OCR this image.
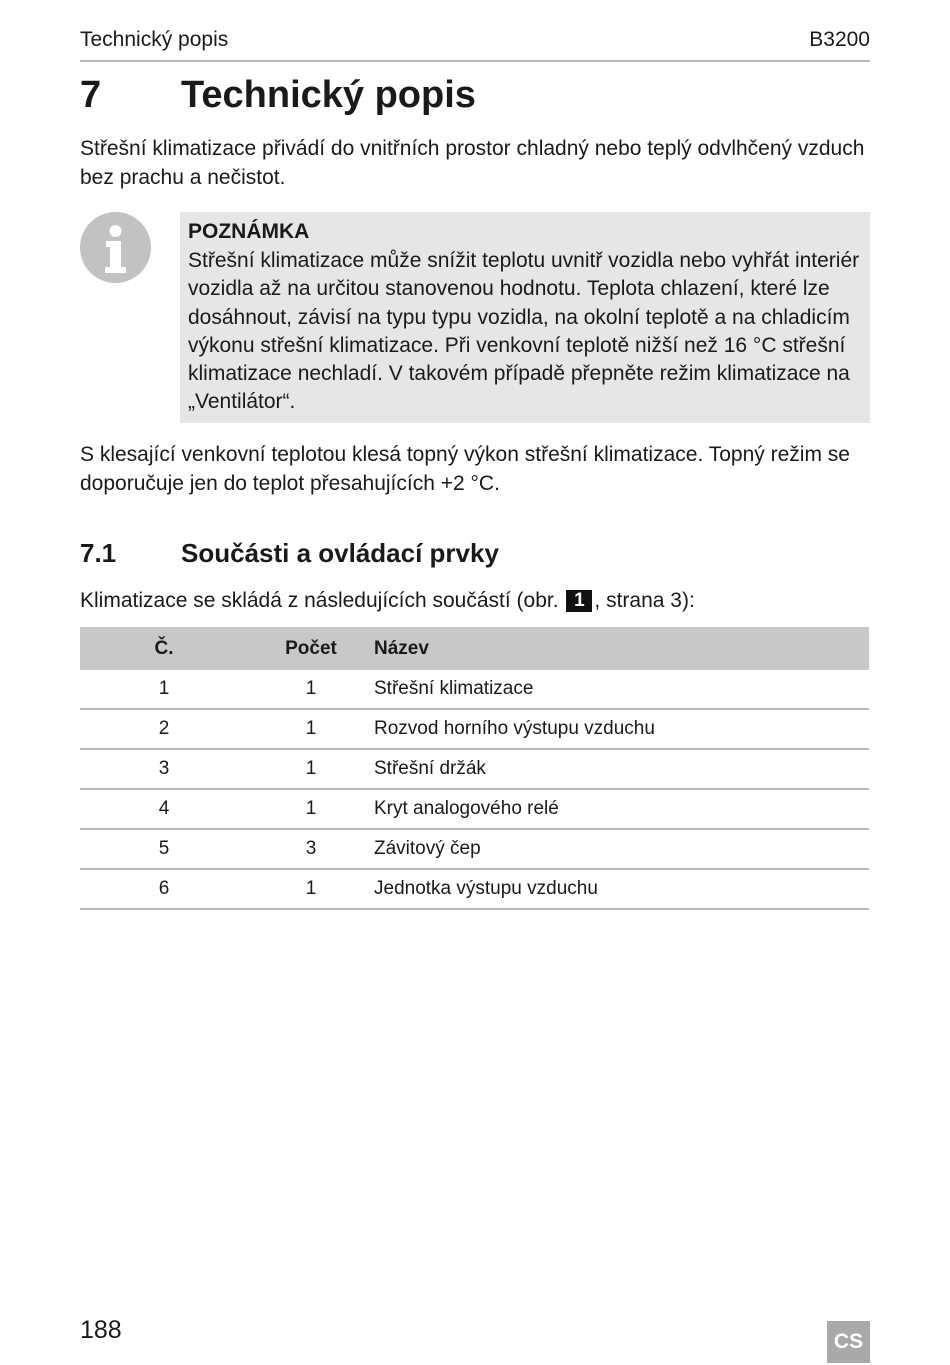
Technický popis	B3200
7 Technický popis
Střešní klimatizace přivádí do vnitřních prostor chladný nebo teplý odvlhčený vzduch bez prachu a nečistot.
POZNÁMKA
Střešní klimatizace může snížit teplotu uvnitř vozidla nebo vyhřát interiér vozidla až na určitou stanovenou hodnotu. Teplota chlazení, které lze dosáhnout, závisí na typu typu vozidla, na okolní teplotě a na chladicím výkonu střešní klimatizace. Při venkovní teplotě nižší než 16 °C střešní klimatizace nechladí. V takovém případě přepněte režim klimatizace na „Ventilátor“.
S klesající venkovní teplotou klesá topný výkon střešní klimatizace. Topný režim se doporučuje jen do teplot přesahujících +2 °C.
7.1 Součásti a ovládací prvky
Klimatizace se skládá z následujících součástí (obr. 1 , strana 3):
Č.	Počet	Název
1	1	Střešní klimatizace
2	1	Rozvod horního výstupu vzduchu
3	1	Střešní držák
4	1	Kryt analogového relé
5	3	Závitový čep
6	1	Jednotka výstupu vzduchu
188	CS
